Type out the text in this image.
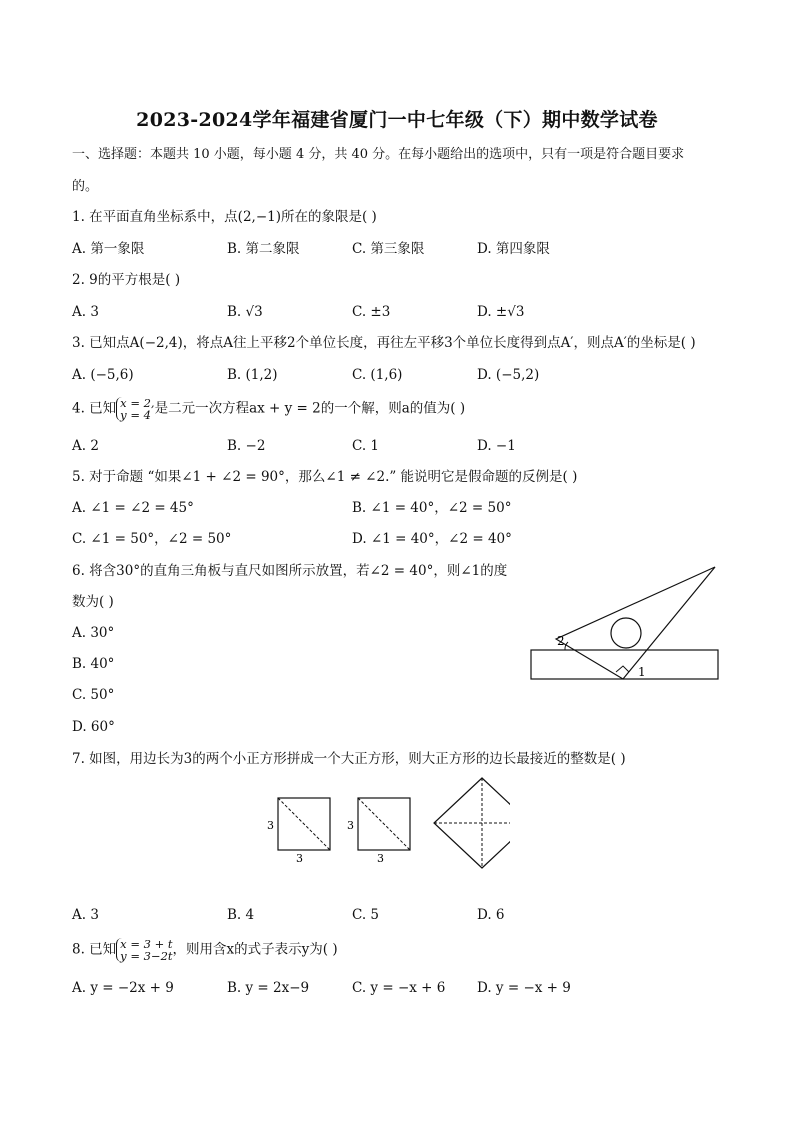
2023-2024学年福建省厦门一中七年级（下）期中数学试卷
一、选择题：本题共 10 小题，每小题 4 分，共 40 分。在每小题给出的选项中，只有一项是符合题目要求
的。
1. 在平面直角坐标系中，点(2,−1)所在的象限是( )
A. 第一象限	B. 第二象限	C. 第三象限	D. 第四象限
2. 9的平方根是( )
A. 3	B. √3	C. ±3	D. ±√3
3. 已知点A(−2,4)，将点A往上平移2个单位长度，再往左平移3个单位长度得到点A′，则点A′的坐标是( )
A. (−5,6)	B. (1,2)	C. (1,6)	D. (−5,2)
4. 已知 x = 2,
y = 4 是二元一次方程ax + y = 2的一个解，则a的值为( )
A. 2	B. −2	C. 1	D. −1
5. 对于命题 “如果∠1 + ∠2 = 90°，那么∠1 ≠ ∠2.” 能说明它是假命题的反例是( )
A. ∠1 = ∠2 = 45°	B. ∠1 = 40°，∠2 = 50°
C. ∠1 = 50°，∠2 = 50°	D. ∠1 = 40°，∠2 = 40°
6. 将含30°的直角三角板与直尺如图所示放置，若∠2 = 40°，则∠1的度
数为( )
A. 30°
B. 40°
C. 50°
D. 60°
2
1
7. 如图，用边长为3的两个小正方形拼成一个大正方形，则大正方形的边长最接近的整数是( )
3
3
3
3
A. 3	B. 4	C. 5	D. 6
8. 已知 x = 3 + t
y = 3−2t ，则用含x的式子表示y为( )
A. y = −2x + 9	B. y = 2x−9	C. y = −x + 6 D. y = −x + 9
